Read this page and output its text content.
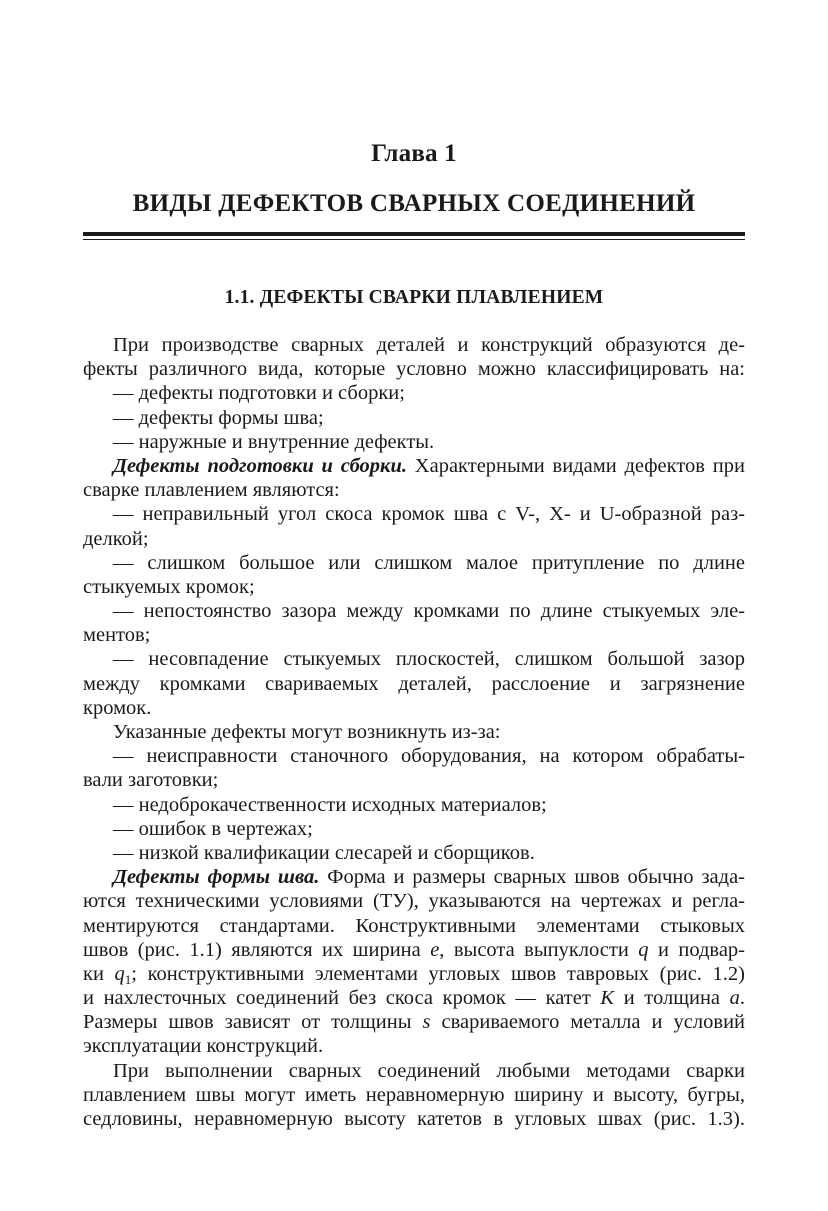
Глава 1
ВИДЫ ДЕФЕКТОВ СВАРНЫХ СОЕДИНЕНИЙ
1.1. ДЕФЕКТЫ СВАРКИ ПЛАВЛЕНИЕМ
При производстве сварных деталей и конструкций образуются де-
фекты различного вида, которые условно можно классифицировать на:
— дефекты подготовки и сборки;
— дефекты формы шва;
— наружные и внутренние дефекты.
Дефекты подготовки и сборки. Характерными видами дефектов при
сварке плавлением являются:
— неправильный угол скоса кромок шва с V-, X- и U-образной раз-
делкой;
— слишком большое или слишком малое притупление по длине
стыкуемых кромок;
— непостоянство зазора между кромками по длине стыкуемых эле-
ментов;
— несовпадение стыкуемых плоскостей, слишком большой зазор
между кромками свариваемых деталей, расслоение и загрязнение
кромок.
Указанные дефекты могут возникнуть из-за:
— неисправности станочного оборудования, на котором обрабаты-
вали заготовки;
— недоброкачественности исходных материалов;
— ошибок в чертежах;
— низкой квалификации слесарей и сборщиков.
Дефекты формы шва. Форма и размеры сварных швов обычно зада-
ются техническими условиями (ТУ), указываются на чертежах и регла-
ментируются стандартами. Конструктивными элементами стыковых
швов (рис. 1.1) являются их ширина e, высота выпуклости q и подвар-
ки $q_1$; конструктивными элементами угловых швов тавровых (рис. 1.2)
и нахлесточных соединений без скоса кромок — катет K и толщина a.
Размеры швов зависят от толщины s свариваемого металла и условий
эксплуатации конструкций.
При выполнении сварных соединений любыми методами сварки
плавлением швы могут иметь неравномерную ширину и высоту, бугры,
седловины, неравномерную высоту катетов в угловых швах (рис. 1.3).
